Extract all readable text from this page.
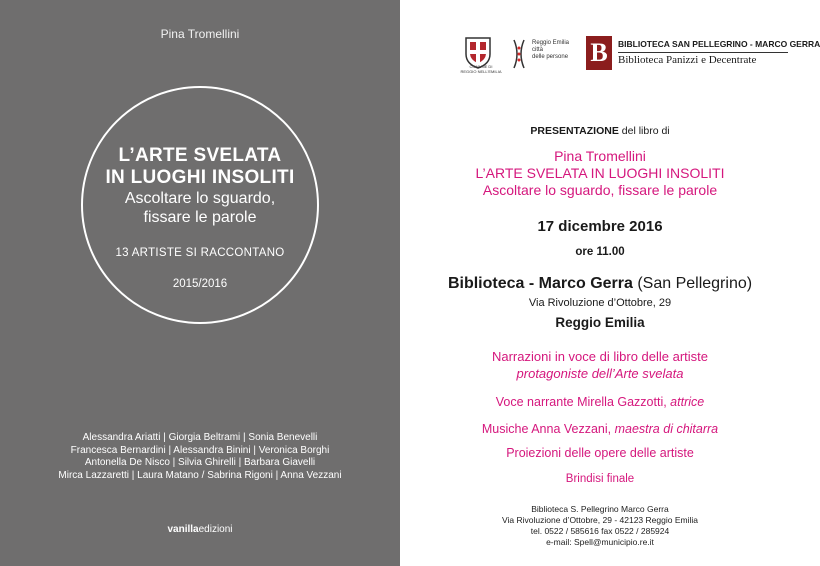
Pina Tromellini
L’ARTE SVELATA
IN LUOGHI INSOLITI
Ascoltare lo sguardo,
fissare le parole
13 ARTISTE SI RACCONTANO
2015/2016
Alessandra Ariatti | Giorgia Beltrami | Sonia Benevelli
Francesca Bernardini | Alessandra Binini | Veronica Borghi
Antonella De Nisco | Silvia Ghirelli | Barbara Giavelli
Mirca Lazzaretti | Laura Matano / Sabrina Rigoni | Anna Vezzani
vanillaedizioni
COMUNE DI
REGGIO NELL'EMILIA
Reggio Emilia
città
delle persone B	BIBLIOTECA SAN PELLEGRINO - MARCO GERRA
Biblioteca Panizzi e Decentrate
PRESENTAZIONE del libro di
Pina Tromellini
L’ARTE SVELATA IN LUOGHI INSOLITI
Ascoltare lo sguardo, fissare le parole
17 dicembre 2016
ore 11.00
Biblioteca - Marco Gerra (San Pellegrino)
Via Rivoluzione d’Ottobre, 29
Reggio Emilia
Narrazioni in voce di libro delle artiste
protagoniste dell’Arte svelata
Voce narrante Mirella Gazzotti, attrice
Musiche Anna Vezzani, maestra di chitarra
Proiezioni delle opere delle artiste
Brindisi finale
Biblioteca S. Pellegrino Marco Gerra
Via Rivoluzione d’Ottobre, 29 - 42123 Reggio Emilia
tel. 0522 / 585616 fax 0522 / 285924
e-mail: Spell@municipio.re.it
